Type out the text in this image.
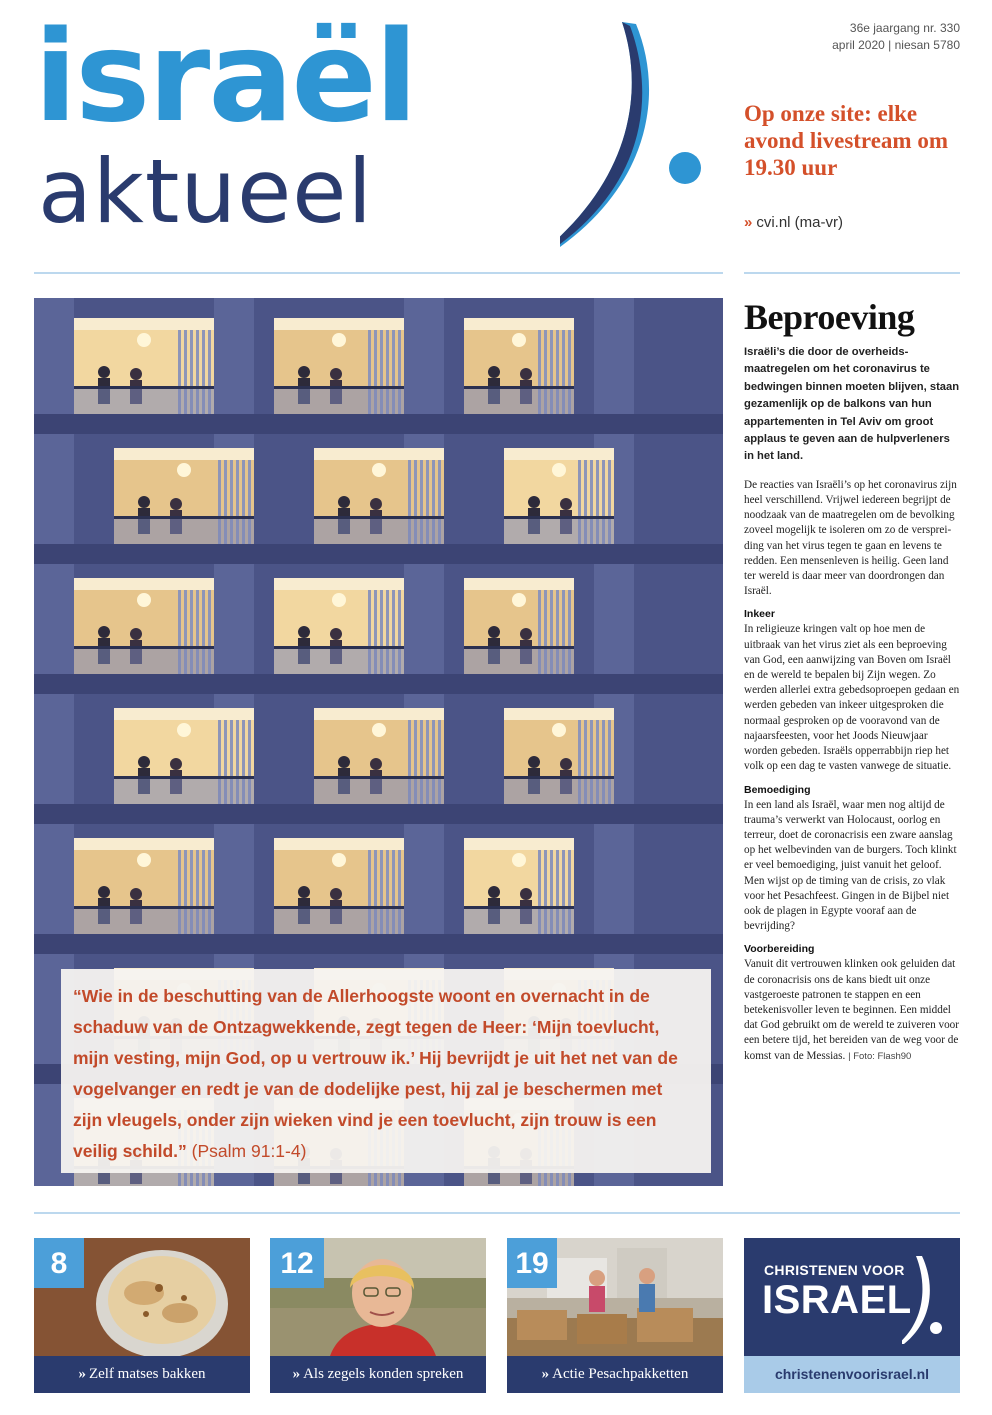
israël
aktueel
36e jaargang nr. 330
april 2020 | niesan 5780
Op onze site: elke avond livestream om 19.30 uur
» cvi.nl (ma-vr)

“Wie in de beschutting van de Allerhoogste woont en overnacht in de schaduw van de Ontzagwekkende, zegt tegen de Heer: ‘Mijn toevlucht, mijn vesting, mijn God, op u vertrouw ik.’ Hij bevrijdt je uit het net van de vogelvanger en redt je van de dodelijke pest, hij zal je beschermen met zijn vleugels, onder zijn wieken vind je een toevlucht, zijn trouw is een veilig schild.” (Psalm 91:1-4)

Beproeving

Israëli’s die door de overheidsmaatregelen om het coronavirus te bedwingen binnen moeten blijven, staan gezamenlijk op de balkons van hun appartementen in Tel Aviv om groot applaus te geven aan de hulpverleners in het land.

De reacties van Israëli’s op het coronavirus zijn heel verschillend. Vrijwel iedereen begrijpt de noodzaak van de maatregelen om de bevolking zoveel mogelijk te isoleren om zo de verspreiding van het virus tegen te gaan en levens te redden. Een mensenleven is heilig. Geen land ter wereld is daar meer van doordrongen dan Israël.

Inkeer

In religieuze kringen valt op hoe men de uitbraak van het virus ziet als een beproeving van God, een aanwijzing van Boven om Israël en de wereld te bepalen bij Zijn wegen. Zo werden allerlei extra gebedsoproepen gedaan en werden gebeden van inkeer uitgesproken die normaal gesproken op de vooravond van de najaarsfeesten, voor het Joods Nieuwjaar worden gebeden. Israëls opperrabbijn riep het volk op een dag te vasten vanwege de situatie.

Bemoediging

In een land als Israël, waar men nog altijd de trauma’s verwerkt van Holocaust, oorlog en terreur, doet de coronacrisis een zware aanslag op het welbevinden van de burgers. Toch klinkt er veel bemoediging, juist vanuit het geloof. Men wijst op de timing van de crisis, zo vlak voor het Pesachfeest. Gingen in de Bijbel niet ook de plagen in Egypte vooraf aan de bevrijding?

Voorbereiding

Vanuit dit vertrouwen klinken ook geluiden dat de coronacrisis ons de kans biedt uit onze vastgeroeste patronen te stappen en een betekenisvoller leven te beginnen. Een middel dat God gebruikt om de wereld te zuiveren voor een betere tijd, het bereiden van de weg voor de komst van de Messias. | Foto: Flash90

8
» Zelf matses bakken
12
» Als zegels konden spreken
19
» Actie Pesachpakketten
CHRISTENEN VOOR
ISRAEL
christenenvoorisrael.nl
